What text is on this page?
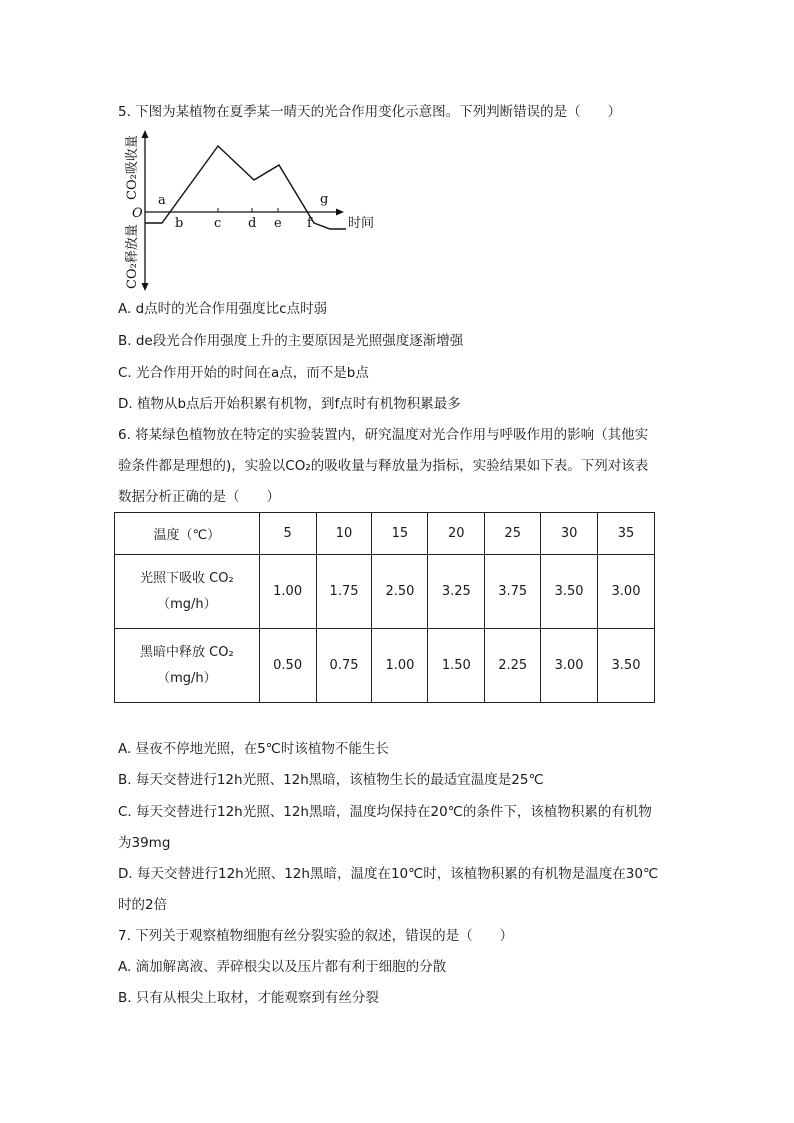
5. 下图为某植物在夏季某一晴天的光合作用变化示意图。下列判断错误的是（　　）
CO₂吸收量
CO₂释放量
O
a
b c d e f
g
时间
A. d点时的光合作用强度比c点时弱
B. de段光合作用强度上升的主要原因是光照强度逐渐增强
C. 光合作用开始的时间在a点，而不是b点
D. 植物从b点后开始积累有机物，到f点时有机物积累最多
6. 将某绿色植物放在特定的实验装置内，研究温度对光合作用与呼吸作用的影响（其他实
验条件都是理想的)，实验以CO₂的吸收量与释放量为指标，实验结果如下表。下列对该表
数据分析正确的是（　　）
温度（℃）	5	10	15	20	25	30	35

光照下吸收 CO₂
（mg/h）	1.00	1.75	2.50	3.25	3.75	3.50	3.00

黑暗中释放 CO₂
（mg/h）	0.50	0.75	1.00	1.50	2.25	3.00	3.50
A. 昼夜不停地光照，在5℃时该植物不能生长
B. 每天交替进行12h光照、12h黑暗，该植物生长的最适宜温度是25℃
C. 每天交替进行12h光照、12h黑暗，温度均保持在20℃的条件下，该植物积累的有机物
为39mg
D. 每天交替进行12h光照、12h黑暗，温度在10℃时，该植物积累的有机物是温度在30℃
时的2倍
7. 下列关于观察植物细胞有丝分裂实验的叙述，错误的是（　　）
A. 滴加解离液、弄碎根尖以及压片都有利于细胞的分散
B. 只有从根尖上取材，才能观察到有丝分裂
